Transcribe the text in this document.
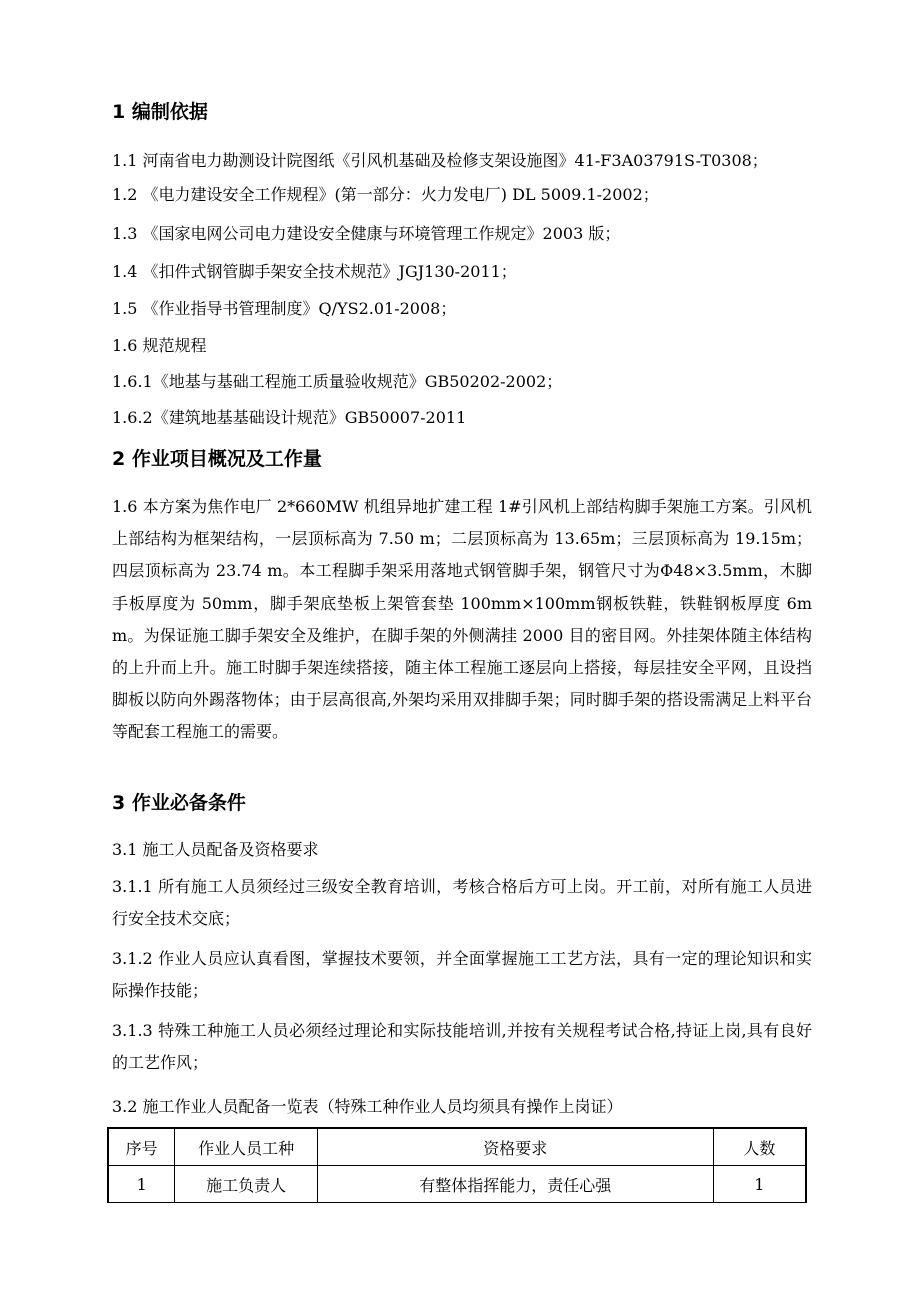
1 编制依据
1.1 河南省电力勘测设计院图纸《引风机基础及检修支架设施图》41-F3A03791S-T0308；
1.2 《电力建设安全工作规程》(第一部分：火力发电厂) DL 5009.1-2002；
1.3 《国家电网公司电力建设安全健康与环境管理工作规定》2003 版；
1.4 《扣件式钢管脚手架安全技术规范》JGJ130-2011；
1.5 《作业指导书管理制度》Q/YS2.01-2008；
1.6 规范规程
1.6.1《地基与基础工程施工质量验收规范》GB50202-2002；
1.6.2《建筑地基基础设计规范》GB50007-2011
2 作业项目概况及工作量
1.6 本方案为焦作电厂 2*660MW 机组异地扩建工程 1#引风机上部结构脚手架施工方案。引风机上部结构为框架结构，一层顶标高为 7.50 m；二层顶标高为 13.65m；三层顶标高为 19.15m；四层顶标高为 23.74 m。本工程脚手架采用落地式钢管脚手架，钢管尺寸为Φ48×3.5mm，木脚手板厚度为 50mm，脚手架底垫板上架管套垫 100mm×100mm钢板铁鞋，铁鞋钢板厚度 6mm。为保证施工脚手架安全及维护，在脚手架的外侧满挂 2000 目的密目网。外挂架体随主体结构的上升而上升。施工时脚手架连续搭接，随主体工程施工逐层向上搭接，每层挂安全平网，且设挡脚板以防向外踢落物体；由于层高很高,外架均采用双排脚手架；同时脚手架的搭设需满足上料平台等配套工程施工的需要。
3 作业必备条件
3.1 施工人员配备及资格要求
3.1.1 所有施工人员须经过三级安全教育培训，考核合格后方可上岗。开工前，对所有施工人员进行安全技术交底；
3.1.2 作业人员应认真看图，掌握技术要领，并全面掌握施工工艺方法，具有一定的理论知识和实际操作技能；
3.1.3 特殊工种施工人员必须经过理论和实际技能培训,并按有关规程考试合格,持证上岗,具有良好的工艺作风；
3.2 施工作业人员配备一览表（特殊工种作业人员均须具有操作上岗证）
序号	作业人员工种	资格要求	人数
1	施工负责人	有整体指挥能力，责任心强	1
